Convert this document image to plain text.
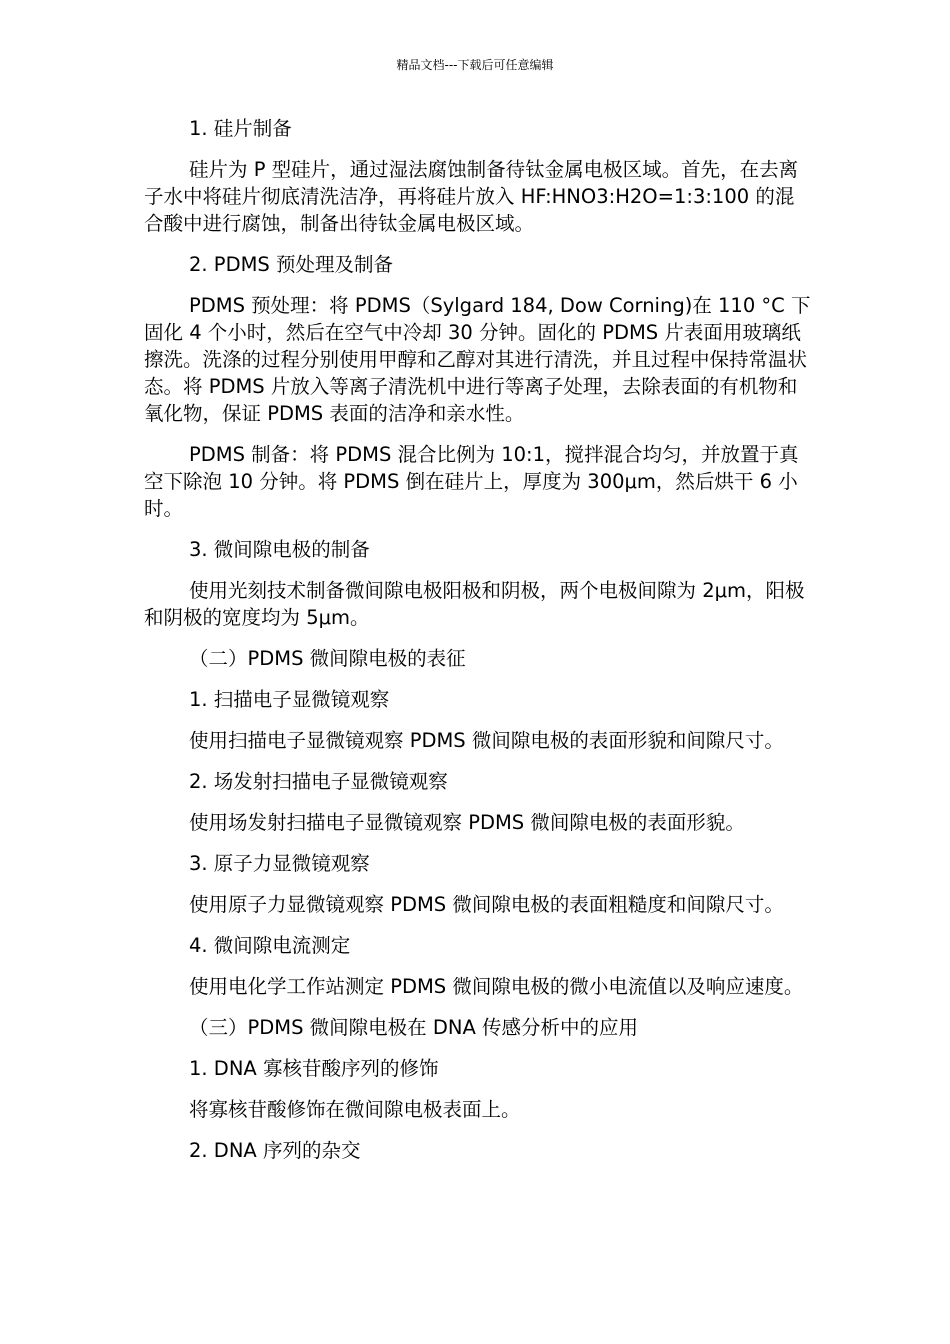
精品文档---下载后可任意编辑

1. 硅片制备

硅片为 P 型硅片，通过湿法腐蚀制备待钛金属电极区域。首先，在去离子水中将硅片彻底清洗洁净，再将硅片放入 HF:HNO3:H2O=1:3:100 的混合酸中进行腐蚀，制备出待钛金属电极区域。

2. PDMS 预处理及制备

PDMS 预处理：将 PDMS（Sylgard 184, Dow Corning)在 110 °C 下固化 4 个小时，然后在空气中冷却 30 分钟。固化的 PDMS 片表面用玻璃纸擦洗。洗涤的过程分别使用甲醇和乙醇对其进行清洗，并且过程中保持常温状态。将 PDMS 片放入等离子清洗机中进行等离子处理，去除表面的有机物和氧化物，保证 PDMS 表面的洁净和亲水性。

PDMS 制备：将 PDMS 混合比例为 10:1，搅拌混合均匀，并放置于真空下除泡 10 分钟。将 PDMS 倒在硅片上，厚度为 300μm，然后烘干 6 小时。

3. 微间隙电极的制备

使用光刻技术制备微间隙电极阳极和阴极，两个电极间隙为 2μm，阳极和阴极的宽度均为 5μm。

（二）PDMS 微间隙电极的表征

1. 扫描电子显微镜观察

使用扫描电子显微镜观察 PDMS 微间隙电极的表面形貌和间隙尺寸。

2. 场发射扫描电子显微镜观察

使用场发射扫描电子显微镜观察 PDMS 微间隙电极的表面形貌。

3. 原子力显微镜观察

使用原子力显微镜观察 PDMS 微间隙电极的表面粗糙度和间隙尺寸。

4. 微间隙电流测定

使用电化学工作站测定 PDMS 微间隙电极的微小电流值以及响应速度。

（三）PDMS 微间隙电极在 DNA 传感分析中的应用

1. DNA 寡核苷酸序列的修饰

将寡核苷酸修饰在微间隙电极表面上。

2. DNA 序列的杂交
